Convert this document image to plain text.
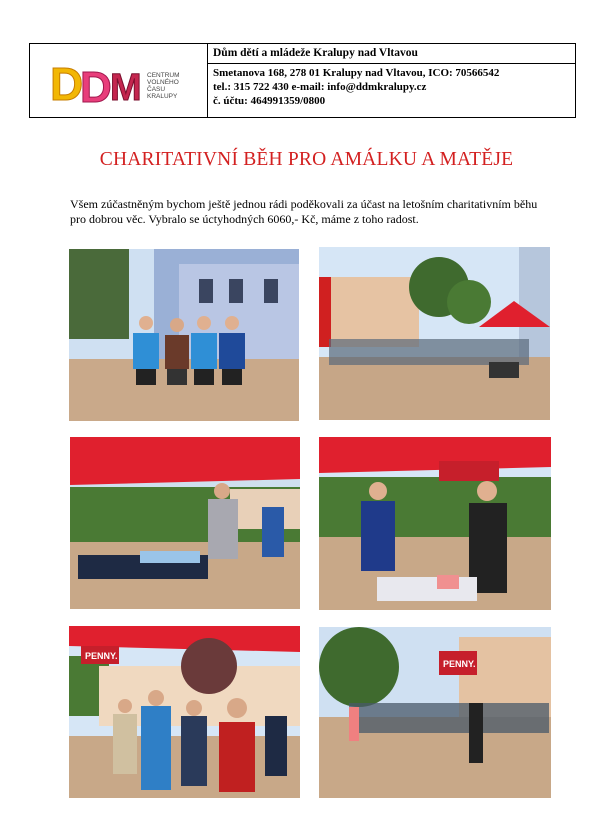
D
D
M CENTRUM
VOLNÉHO
ČASU
KRALUPY
Dům dětí a mládeže Kralupy nad Vltavou
Smetanova 168, 278 01 Kralupy nad Vltavou, ICO: 70566542
tel.: 315 722 430 e-mail: info@ddmkralupy.cz
č. účtu: 464991359/0800
CHARITATIVNÍ BĚH PRO AMÁLKU A MATĚJE
Všem zúčastněným bychom ještě jednou rádi poděkovali za účast na letošním charitativním běhu pro dobrou věc. Vybralo se úctyhodných 6060,- Kč, máme z toho radost.
PENNY.
PENNY.
